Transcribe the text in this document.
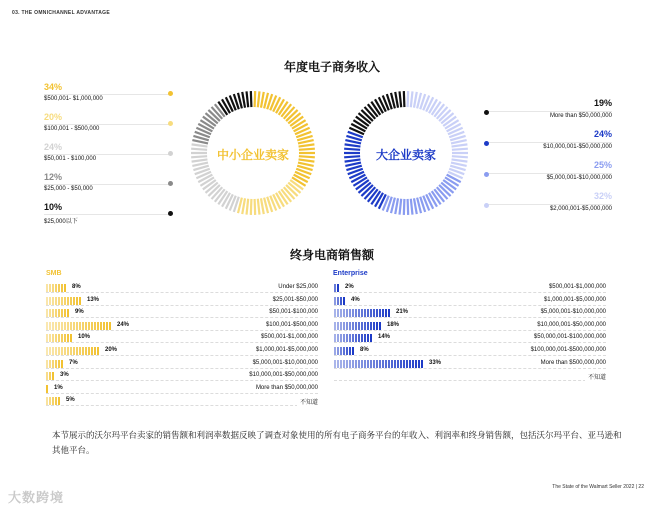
03. THE OMNICHANNEL ADVANTAGE
年度电子商务收入
34%
$500,001- $1,000,000
20%
$100,001 - $500,000
24%
$50,001 - $100,000
12%
$25,000 - $50,000
10%
$25,000以下
中小企业卖家	大企业卖家
19%
More than $50,000,000
24%
$10,000,001-$50,000,000
25%
$5,000,001-$10,000,000
32%
$2,000,001-$5,000,000
终身电商销售额
SMB	Enterprise
8%	Under $25,000
13%	$25,001-$50,000
9%	$50,001-$100,000
24%	$100,001-$500,000
10%	$500,001-$1,000,000
20%	$1,000,001-$5,000,000
7%	$5,000,001-$10,000,000
3%	$10,000,001-$50,000,000
1%	More than $50,000,000
5%	不知道
2%	$500,001-$1,000,000
4%	$1,000,001-$5,000,000
21%	$5,000,001-$10,000,000
18%	$10,000,001-$50,000,000
14%	$50,000,001-$100,000,000
8%	$100,000,001-$500,000,000
33%	More than $500,000,000
不知道
本节展示的沃尔玛平台卖家的销售额和利润率数据反映了调查对象使用的所有电子商务平台的年收入、利润率和终身销售额，包括沃尔玛平台、亚马逊和其他平台。
The State of the Walmart Seller 2022 | 22
大数跨境
